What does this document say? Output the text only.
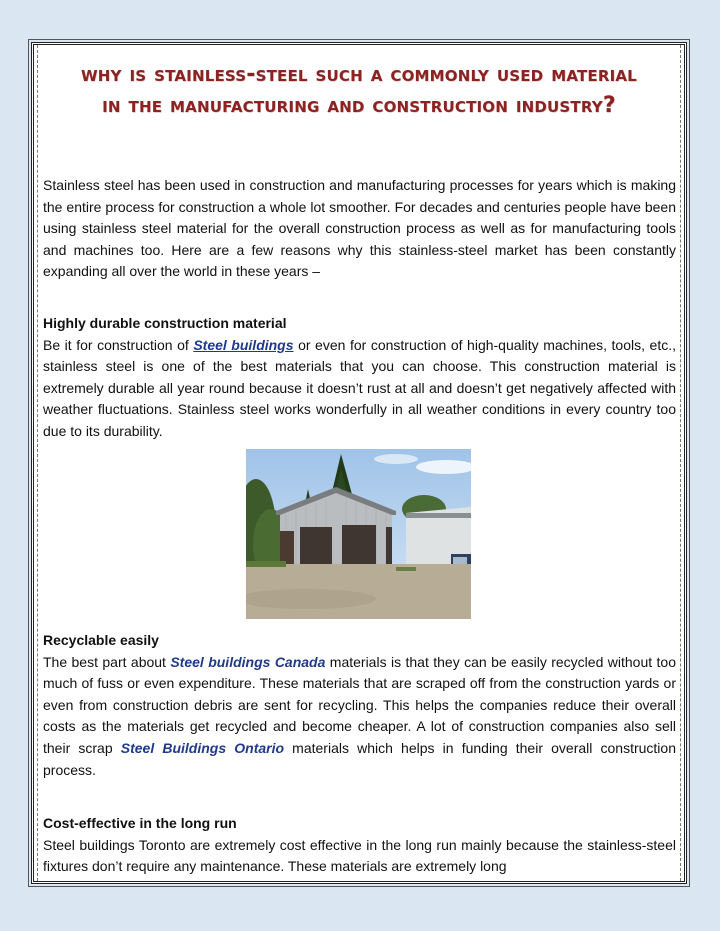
why is stainless-steel such a commonly used material in the manufacturing and construction industry?
Stainless steel has been used in construction and manufacturing processes for years which is making the entire process for construction a whole lot smoother. For decades and centuries people have been using stainless steel material for the overall construction process as well as for manufacturing tools and machines too. Here are a few reasons why this stainless-steel market has been constantly expanding all over the world in these years –
Highly durable construction material
Be it for construction of Steel buildings or even for construction of high-quality machines, tools, etc., stainless steel is one of the best materials that you can choose. This construction material is extremely durable all year round because it doesn’t rust at all and doesn’t get negatively affected with weather fluctuations. Stainless steel works wonderfully in all weather conditions in every country too due to its durability.
Recyclable easily
The best part about Steel buildings Canada materials is that they can be easily recycled without too much of fuss or even expenditure. These materials that are scraped off from the construction yards or even from construction debris are sent for recycling. This helps the companies reduce their overall costs as the materials get recycled and become cheaper. A lot of construction companies also sell their scrap Steel Buildings Ontario materials which helps in funding their overall construction process.
Cost-effective in the long run
Steel buildings Toronto are extremely cost effective in the long run mainly because the stainless-steel fixtures don’t require any maintenance. These materials are extremely long
